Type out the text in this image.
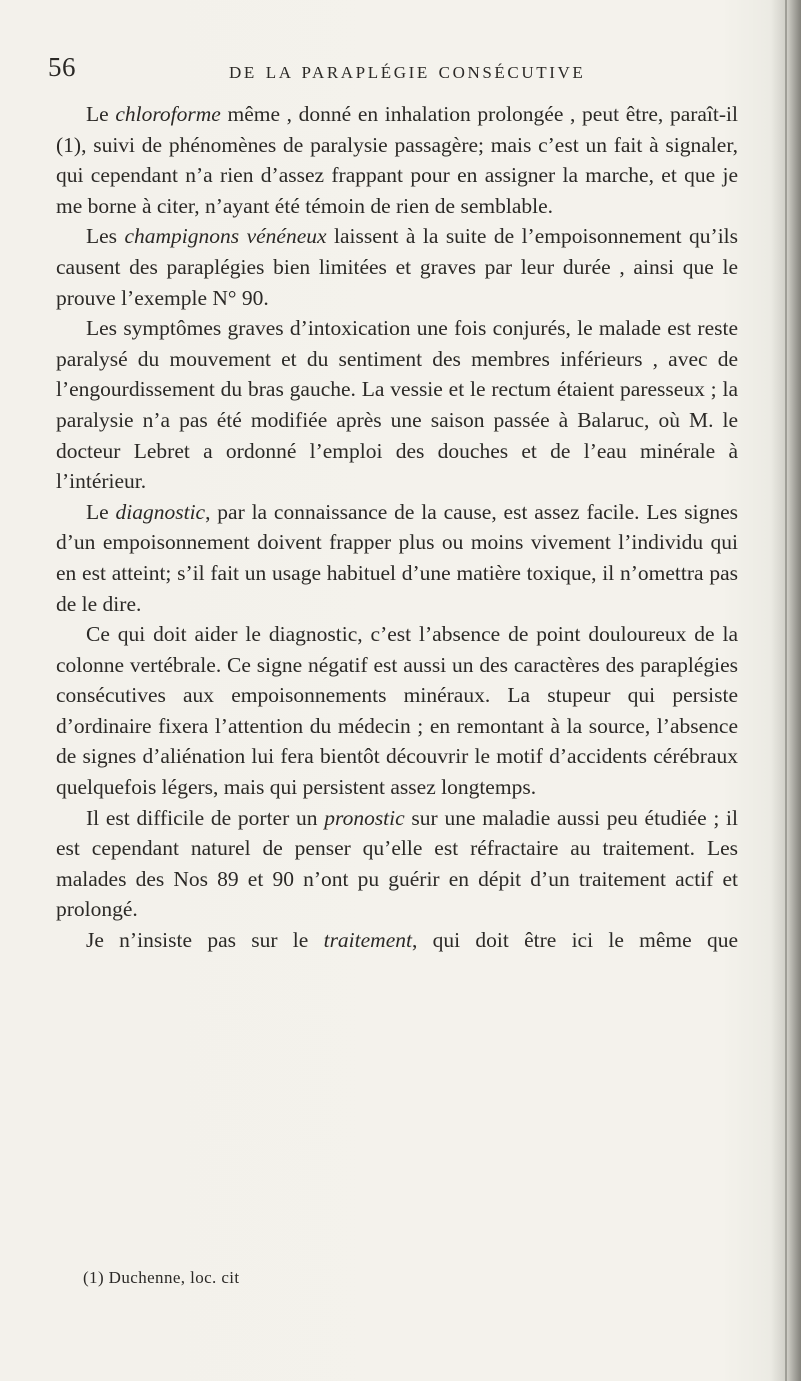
56	DE LA PARAPLÉGIE CONSÉCUTIVE

Le chloroforme même , donné en inhalation prolongée , peut être, paraît-il (1), suivi de phénomènes de paralysie passagère; mais c’est un fait à signaler, qui cependant n’a rien d’assez frappant pour en assigner la marche, et que je me borne à citer, n’ayant été témoin de rien de semblable.

Les champignons vénéneux laissent à la suite de l’empoisonnement qu’ils causent des paraplégies bien limitées et graves par leur durée , ainsi que le prouve l’exemple N° 90.

Les symptômes graves d’intoxication une fois conjurés, le malade est reste paralysé du mouvement et du sentiment des membres inférieurs , avec de l’engourdissement du bras gauche. La vessie et le rectum étaient paresseux ; la paralysie n’a pas été modifiée après une saison passée à Balaruc, où M. le docteur Lebret a ordonné l’emploi des douches et de l’eau minérale à l’intérieur.

Le diagnostic, par la connaissance de la cause, est assez facile. Les signes d’un empoisonnement doivent frapper plus ou moins vivement l’individu qui en est atteint; s’il fait un usage habituel d’une matière toxique, il n’omettra pas de le dire.

Ce qui doit aider le diagnostic, c’est l’absence de point douloureux de la colonne vertébrale. Ce signe négatif est aussi un des caractères des paraplégies consécutives aux empoisonnements minéraux. La stupeur qui persiste d’ordinaire fixera l’attention du médecin ; en remontant à la source, l’absence de signes d’aliénation lui fera bientôt découvrir le motif d’accidents cérébraux quelquefois légers, mais qui persistent assez longtemps.

Il est difficile de porter un pronostic sur une maladie aussi peu étudiée ; il est cependant naturel de penser qu’elle est réfractaire au traitement. Les malades des Nos 89 et 90 n’ont pu guérir en dépit d’un traitement actif et prolongé.

Je n’insiste pas sur le traitement, qui doit être ici le même que

(1) Duchenne, loc. cit
